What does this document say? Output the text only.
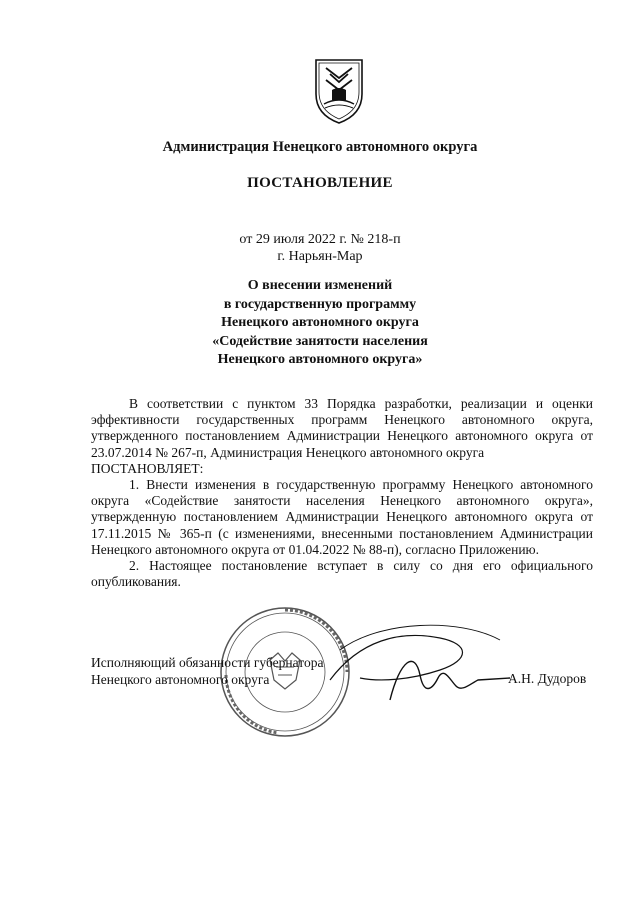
Администрация Ненецкого автономного округа
ПОСТАНОВЛЕНИЕ
от 29 июля 2022 г. № 218-п
г. Нарьян-Мар
О внесении изменений
в государственную программу
Ненецкого автономного округа
«Содействие занятости населения
Ненецкого автономного округа»

В соответствии с пунктом 33 Порядка разработки, реализации и оценки эффективности государственных программ Ненецкого автономного округа, утвержденного постановлением Администрации Ненецкого автономного округа от 23.07.2014 № 267-п, Администрация Ненецкого автономного округа

ПОСТАНОВЛЯЕТ:

1. Внести изменения в государственную программу Ненецкого автономного округа «Содействие занятости населения Ненецкого автономного округа», утвержденную постановлением Администрации Ненецкого автономного округа от 17.11.2015 № 365-п (с изменениями, внесенными постановлением Администрации Ненецкого автономного округа от 01.04.2022 № 88-п), согласно Приложению.

2. Настоящее постановление вступает в силу со дня его официального опубликования.

Исполняющий обязанности губернатора
Ненецкого автономного округа	А.Н. Дудоров
